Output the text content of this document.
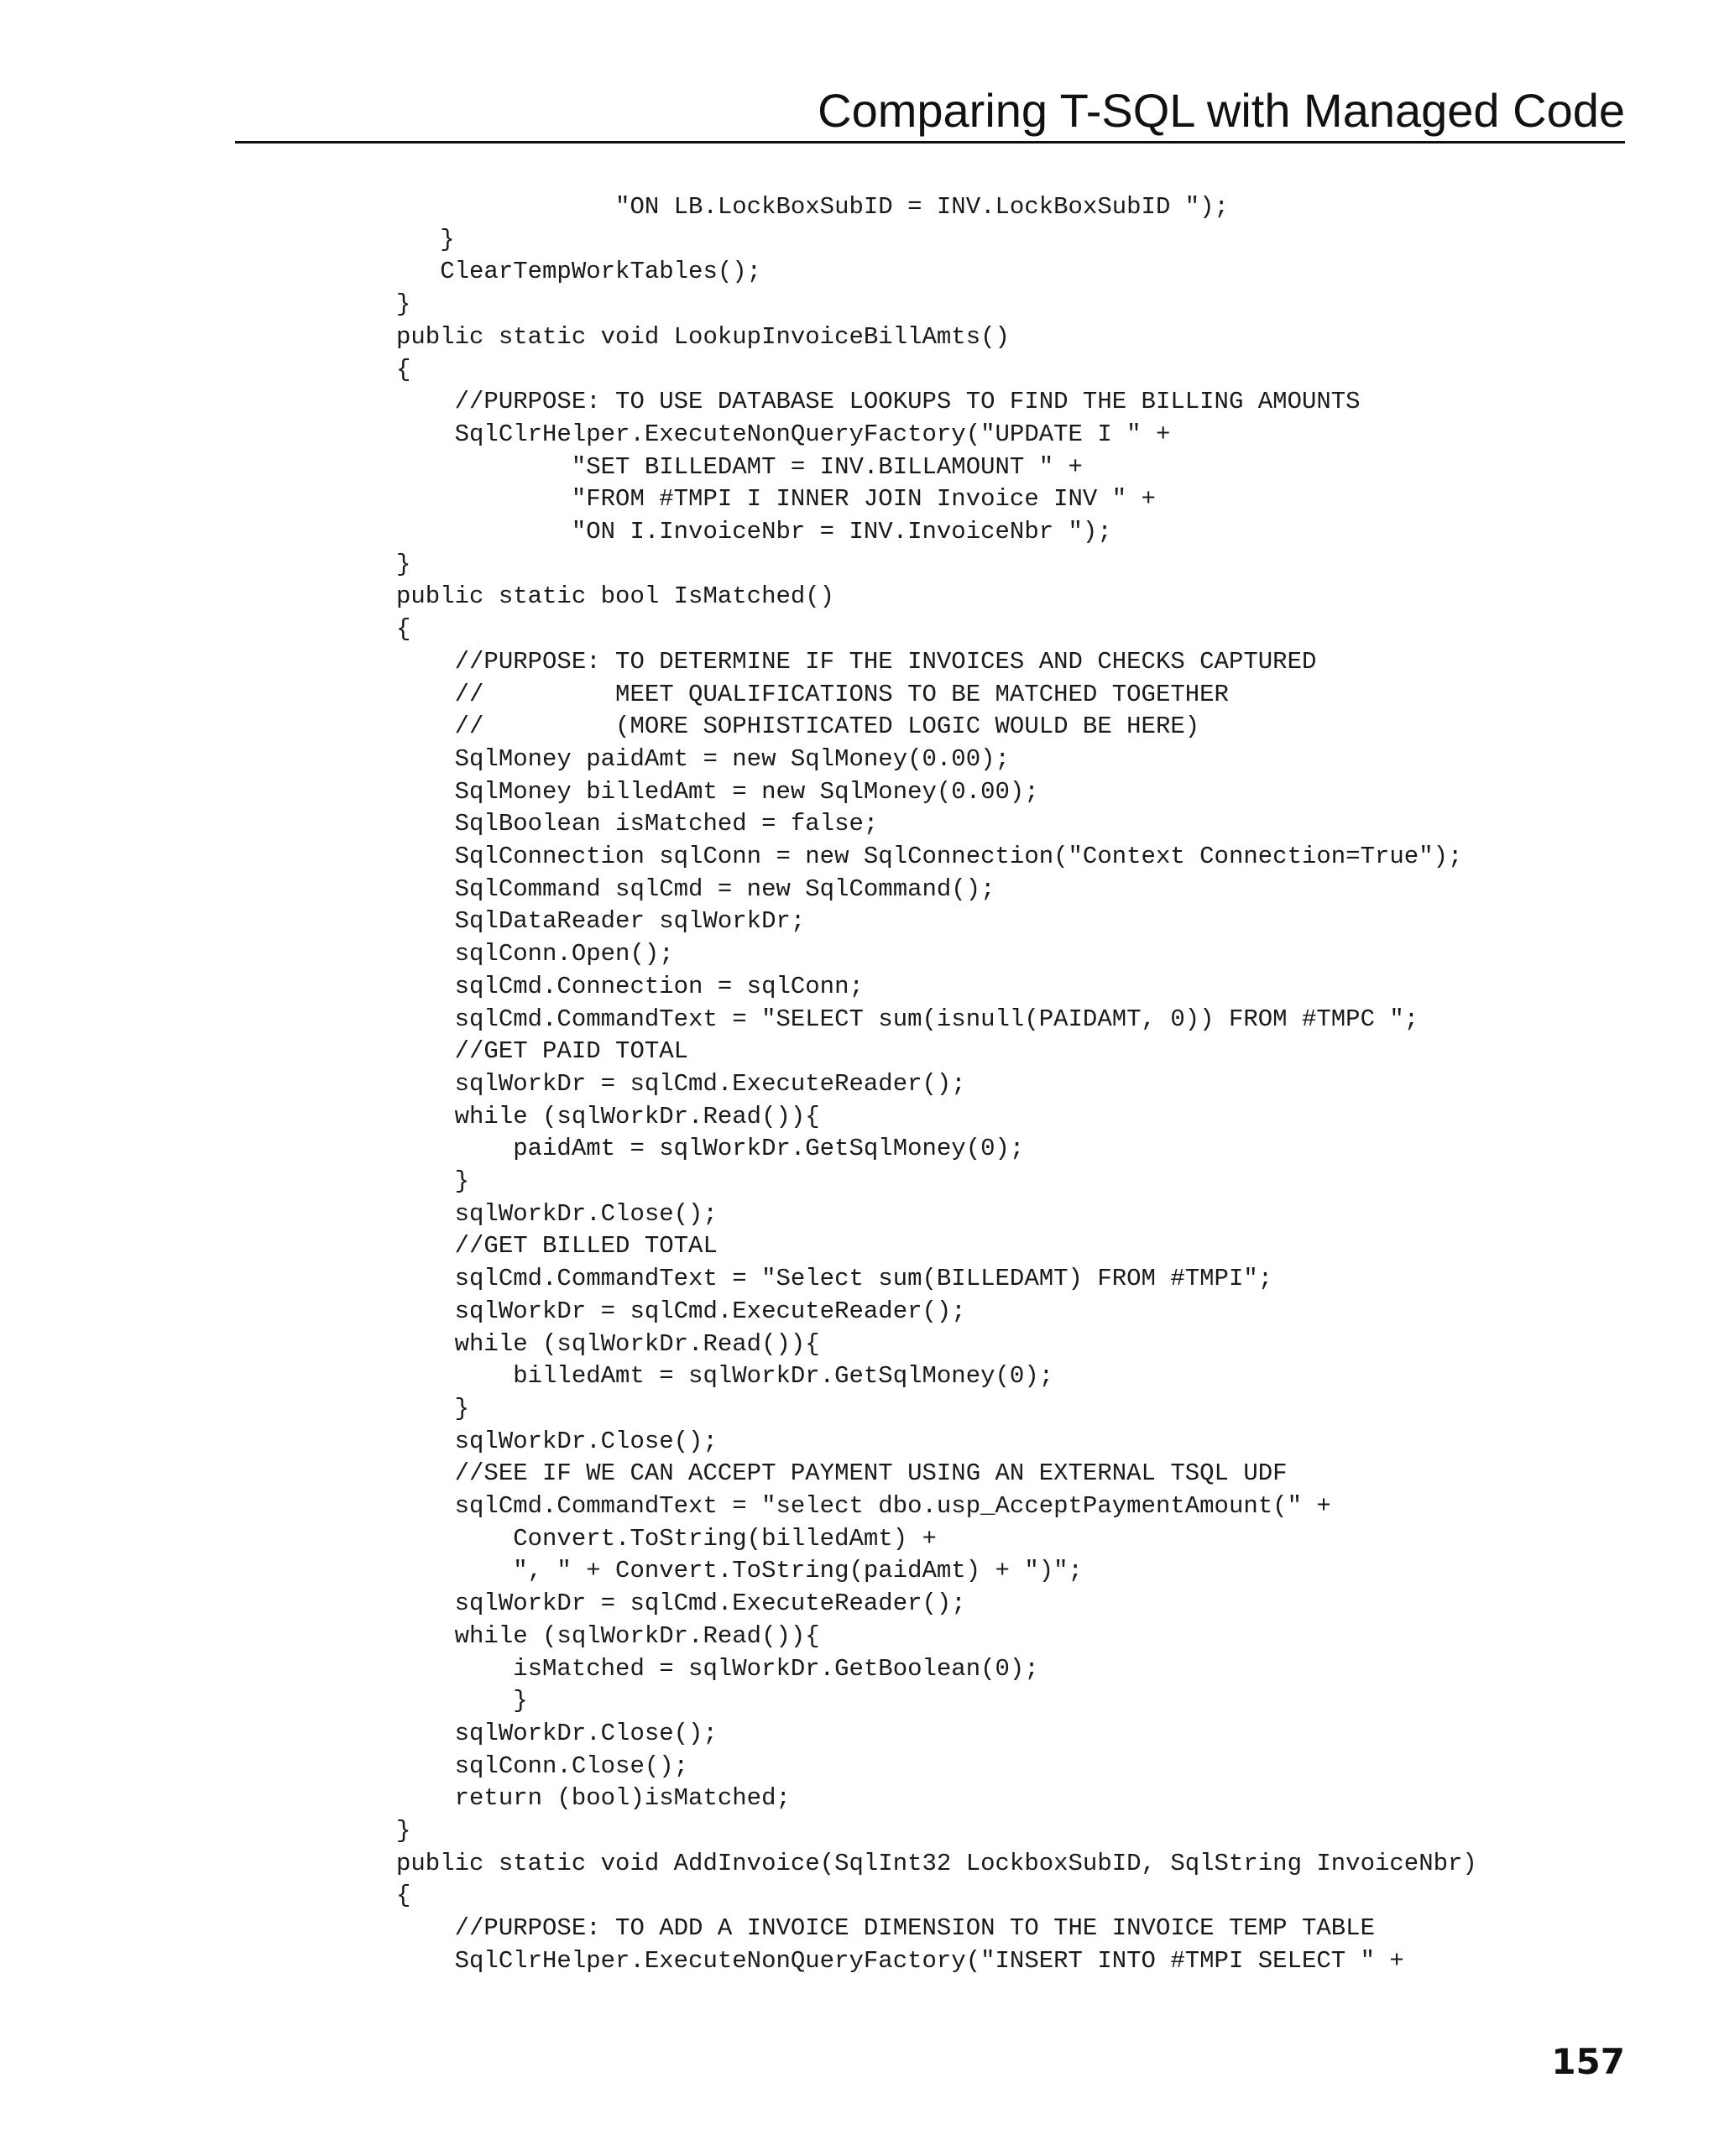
Comparing T-SQL with Managed Code
"ON LB.LockBoxSubID = INV.LockBoxSubID ");
}
ClearTempWorkTables();
}
public static void LookupInvoiceBillAmts()
{
//PURPOSE: TO USE DATABASE LOOKUPS TO FIND THE BILLING AMOUNTS
SqlClrHelper.ExecuteNonQueryFactory("UPDATE I " +
"SET BILLEDAMT = INV.BILLAMOUNT " +
"FROM #TMPI I INNER JOIN Invoice INV " +
"ON I.InvoiceNbr = INV.InvoiceNbr ");
}
public static bool IsMatched()
{
//PURPOSE: TO DETERMINE IF THE INVOICES AND CHECKS CAPTURED
//         MEET QUALIFICATIONS TO BE MATCHED TOGETHER
//         (MORE SOPHISTICATED LOGIC WOULD BE HERE)
SqlMoney paidAmt = new SqlMoney(0.00);
SqlMoney billedAmt = new SqlMoney(0.00);
SqlBoolean isMatched = false;
SqlConnection sqlConn = new SqlConnection("Context Connection=True");
SqlCommand sqlCmd = new SqlCommand();
SqlDataReader sqlWorkDr;
sqlConn.Open();
sqlCmd.Connection = sqlConn;
sqlCmd.CommandText = "SELECT sum(isnull(PAIDAMT, 0)) FROM #TMPC ";
//GET PAID TOTAL
sqlWorkDr = sqlCmd.ExecuteReader();
while (sqlWorkDr.Read()){
paidAmt = sqlWorkDr.GetSqlMoney(0);
}
sqlWorkDr.Close();
//GET BILLED TOTAL
sqlCmd.CommandText = "Select sum(BILLEDAMT) FROM #TMPI";
sqlWorkDr = sqlCmd.ExecuteReader();
while (sqlWorkDr.Read()){
billedAmt = sqlWorkDr.GetSqlMoney(0);
}
sqlWorkDr.Close();
//SEE IF WE CAN ACCEPT PAYMENT USING AN EXTERNAL TSQL UDF
sqlCmd.CommandText = "select dbo.usp_AcceptPaymentAmount(" +
Convert.ToString(billedAmt) +
", " + Convert.ToString(paidAmt) + ")";
sqlWorkDr = sqlCmd.ExecuteReader();
while (sqlWorkDr.Read()){
isMatched = sqlWorkDr.GetBoolean(0);
}
sqlWorkDr.Close();
sqlConn.Close();
return (bool)isMatched;
}
public static void AddInvoice(SqlInt32 LockboxSubID, SqlString InvoiceNbr)
{
//PURPOSE: TO ADD A INVOICE DIMENSION TO THE INVOICE TEMP TABLE
SqlClrHelper.ExecuteNonQueryFactory("INSERT INTO #TMPI SELECT " +
157
